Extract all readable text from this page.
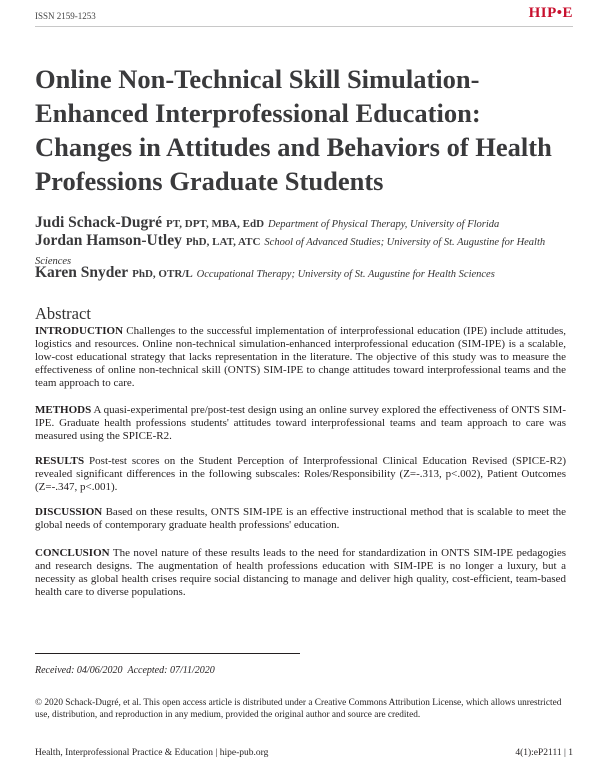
ISSN 2159-1253	HIP•E
Online Non-Technical Skill Simulation-Enhanced Interprofessional Education: Changes in Attitudes and Behaviors of Health Professions Graduate Students
Judi Schack-Dugré PT, DPT, MBA, EdD Department of Physical Therapy, University of Florida
Jordan Hamson-Utley PhD, LAT, ATC School of Advanced Studies; University of St. Augustine for Health Sciences
Karen Snyder PhD, OTR/L Occupational Therapy; University of St. Augustine for Health Sciences
Abstract

INTRODUCTION Challenges to the successful implementation of interprofessional education (IPE) include attitudes, logistics and resources. Online non-technical simulation-enhanced interprofessional education (SIM-IPE) is a scalable, low-cost educational strategy that lacks representation in the literature. The objective of this study was to measure the effectiveness of online non-technical skill (ONTS) SIM-IPE to change attitudes toward interprofessional teams and the team approach to care.

METHODS A quasi-experimental pre/post-test design using an online survey explored the effectiveness of ONTS SIM-IPE. Graduate health professions students' attitudes toward interprofessional teams and team approach to care was measured using the SPICE-R2.

RESULTS Post-test scores on the Student Perception of Interprofessional Clinical Education Revised (SPICE-R2) revealed significant differences in the following subscales: Roles/Responsibility (Z=-.313, p<.002), Patient Outcomes (Z=-.347, p<.001).

DISCUSSION Based on these results, ONTS SIM-IPE is an effective instructional method that is scalable to meet the global needs of contemporary graduate health professions' education.

CONCLUSION The novel nature of these results leads to the need for standardization in ONTS SIM-IPE pedagogies and research designs. The augmentation of health professions education with SIM-IPE is no longer a luxury, but a necessity as global health crises require social distancing to manage and deliver high quality, cost-efficient, team-based health care to diverse populations.

Received: 04/06/2020 Accepted: 07/11/2020

© 2020 Schack-Dugré, et al. This open access article is distributed under a Creative Commons Attribution License, which allows unrestricted use, distribution, and reproduction in any medium, provided the original author and source are credited.

Health, Interprofessional Practice & Education | hipe-pub.org	4(1):eP2111 | 1
